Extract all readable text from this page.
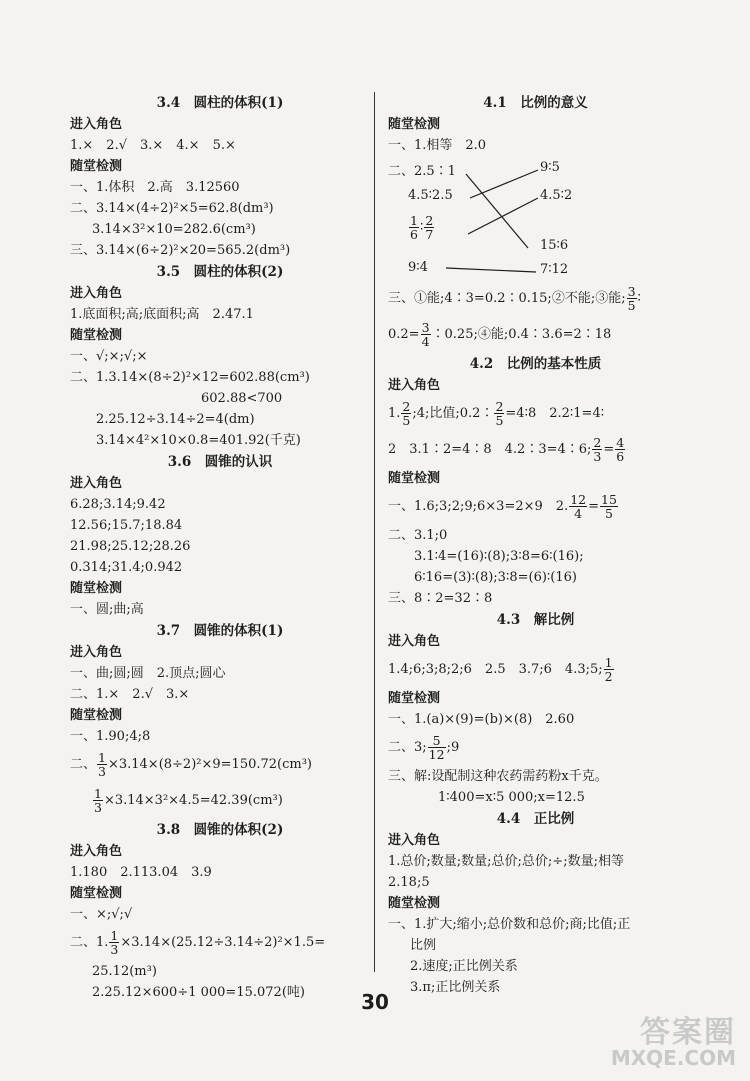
3.4　圆柱的体积(1)
进入角色
1.×　2.√　3.×　4.×　5.×
随堂检测
一、1.体积　2.高　3.12560
二、3.14×(4÷2)²×5=62.8(dm³)
3.14×3²×10=282.6(cm³)
三、3.14×(6÷2)²×20=565.2(dm³)
3.5　圆柱的体积(2)
进入角色
1.底面积;高;底面积;高　2.47.1
随堂检测
一、√;×;√;×
二、1.3.14×(8÷2)²×12=602.88(cm³)
602.88<700
2.25.12÷3.14÷2=4(dm)
3.14×4²×10×0.8=401.92(千克)
3.6　圆锥的认识
进入角色
6.28;3.14;9.42
12.56;15.7;18.84
21.98;25.12;28.26
0.314;31.4;0.942
随堂检测
一、圆;曲;高
3.7　圆锥的体积(1)
进入角色
一、曲;圆;圆　2.顶点;圆心
二、1.×　2.√　3.×
随堂检测
一、1.90;4;8
二、 $\frac{1}{3} \times 3.14\times(8\div 2)^2\times 9=150.72(cm^3)$
$\frac{1}{3} \times 3.14\times 3^2\times 4.5=42.39(cm^3)$
3.8　圆锥的体积(2)
进入角色
1.180　2.113.04　3.9
随堂检测
一、×;√;√
二、1. $\frac{1}{3} \times 3.14\times(25.12\div 3.14\div 2)^2\times 1.5=$
25.12(m³)
2.25.12×600÷1 000=15.072(吨)
4.1　比例的意义
随堂检测
一、1.相等　2.0
二、2.5∶1
4.5∶2.5
$\frac{1}{6}$ ∶ $\frac{2}{7}$
9∶4
9∶5
4.5∶2
15∶6
7∶12
三、①能;4∶3=0.2∶0.15;②不能;③能; $\frac{3}{5}$ ∶
$0.2= \frac{3}{4}$ ∶0.25;④能;0.4∶3.6=2∶18
4.2　比例的基本性质
进入角色
1. $\frac{2}{5}$ ;4;比值;0.2∶ $\frac{2}{5}$ =4∶8　2.2∶1=4∶
2　3.1∶2=4∶8　4.2∶3=4∶6; $\frac{2}{3} = \frac{4}{6}$
随堂检测
一、1.6;3;2;9;6×3=2×9　2. $\frac{12}{4} = \frac{15}{5}$
二、3.1;0
3.1∶4=(16)∶(8);3∶8=6∶(16);
6∶16=(3)∶(8);3∶8=(6)∶(16)
三、8∶2=32∶8
4.3　解比例
进入角色
1.4;6;3;8;2;6　2.5　3.7;6　4.3;5; $\frac{1}{2}$
随堂检测
一、1.(a)×(9)=(b)×(8)　2.60
二、3; $\frac{5}{12}$ ;9
三、解:设配制这种农药需药粉x千克。
1∶400=x∶5 000;x=12.5
4.4　正比例
进入角色
1.总价;数量;数量;总价;总价;÷;数量;相等
2.18;5
随堂检测
一、1.扩大;缩小;总价数和总价;商;比值;正
比例
2.速度;正比例关系
3.π;正比例关系
30
答案圈
MXQE.COM
